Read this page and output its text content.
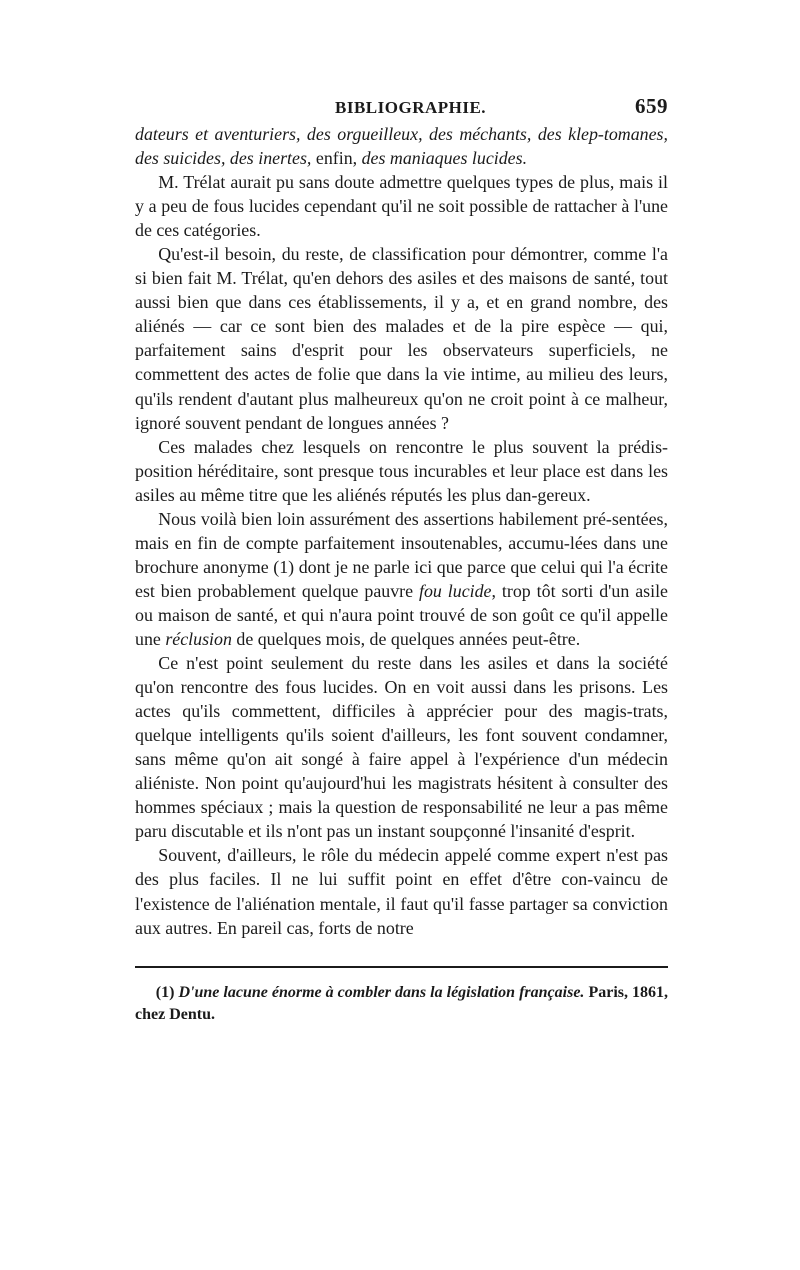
BIBLIOGRAPHIE.	659

dateurs et aventuriers, des orgueilleux, des méchants, des klep-tomanes, des suicides, des inertes, enfin, des maniaques lucides.

M. Trélat aurait pu sans doute admettre quelques types de plus, mais il y a peu de fous lucides cependant qu'il ne soit possible de rattacher à l'une de ces catégories.

Qu'est-il besoin, du reste, de classification pour démontrer, comme l'a si bien fait M. Trélat, qu'en dehors des asiles et des maisons de santé, tout aussi bien que dans ces établissements, il y a, et en grand nombre, des aliénés — car ce sont bien des malades et de la pire espèce — qui, parfaitement sains d'esprit pour les observateurs superficiels, ne commettent des actes de folie que dans la vie intime, au milieu des leurs, qu'ils rendent d'autant plus malheureux qu'on ne croit point à ce malheur, ignoré souvent pendant de longues années ?

Ces malades chez lesquels on rencontre le plus souvent la prédis-position héréditaire, sont presque tous incurables et leur place est dans les asiles au même titre que les aliénés réputés les plus dan-gereux.

Nous voilà bien loin assurément des assertions habilement pré-sentées, mais en fin de compte parfaitement insoutenables, accumu-lées dans une brochure anonyme (1) dont je ne parle ici que parce que celui qui l'a écrite est bien probablement quelque pauvre fou lucide, trop tôt sorti d'un asile ou maison de santé, et qui n'aura point trouvé de son goût ce qu'il appelle une réclusion de quelques mois, de quelques années peut-être.

Ce n'est point seulement du reste dans les asiles et dans la société qu'on rencontre des fous lucides. On en voit aussi dans les prisons. Les actes qu'ils commettent, difficiles à apprécier pour des magis-trats, quelque intelligents qu'ils soient d'ailleurs, les font souvent condamner, sans même qu'on ait songé à faire appel à l'expérience d'un médecin aliéniste. Non point qu'aujourd'hui les magistrats hésitent à consulter des hommes spéciaux ; mais la question de responsabilité ne leur a pas même paru discutable et ils n'ont pas un instant soupçonné l'insanité d'esprit.

Souvent, d'ailleurs, le rôle du médecin appelé comme expert n'est pas des plus faciles. Il ne lui suffit point en effet d'être con-vaincu de l'existence de l'aliénation mentale, il faut qu'il fasse partager sa conviction aux autres. En pareil cas, forts de notre

(1) D'une lacune énorme à combler dans la législation française. Paris, 1861, chez Dentu.
